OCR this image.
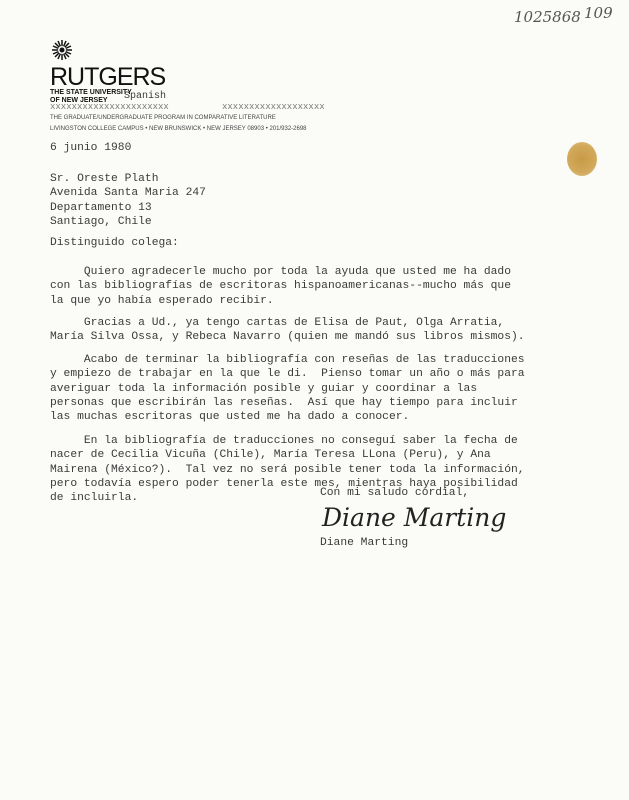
1025868 109
RUTGERS
THE STATE UNIVERSITY
OF NEW JERSEY	Spanish
xxxxxxxxxxxxxxxxxxxxxx	xxxxxxxxxxxxxxxxxxx
THE GRADUATE/UNDERGRADUATE PROGRAM IN COMPARATIVE LITERATURE
LIVINGSTON COLLEGE CAMPUS • NEW BRUNSWICK • NEW JERSEY 08903 • 201/932-2698
6 junio 1980
Sr. Oreste Plath
Avenida Santa Maria 247
Departamento 13
Santiago, Chile
Distinguido colega:
Quiero agradecerle mucho por toda la ayuda que usted me ha dado
con las bibliografías de escritoras hispanoamericanas--mucho más que
la que yo había esperado recibir.
Gracias a Ud., ya tengo cartas de Elisa de Paut, Olga Arratia,
María Silva Ossa, y Rebeca Navarro (quien me mandó sus libros mismos).
Acabo de terminar la bibliografía con reseñas de las traducciones
y empiezo de trabajar en la que le di.  Pienso tomar un año o más para
averiguar toda la información posible y guiar y coordinar a las
personas que escribirán las reseñas.  Así que hay tiempo para incluir
las muchas escritoras que usted me ha dado a conocer.
En la bibliografía de traducciones no conseguí saber la fecha de
nacer de Cecilia Vicuña (Chile), María Teresa LLona (Peru), y Ana
Mairena (México?).  Tal vez no será posible tener toda la información,
pero todavía espero poder tenerla este mes, mientras haya posibilidad
de incluirla.	Con mi saludo cordial,
Diane Marting
Diane Marting
